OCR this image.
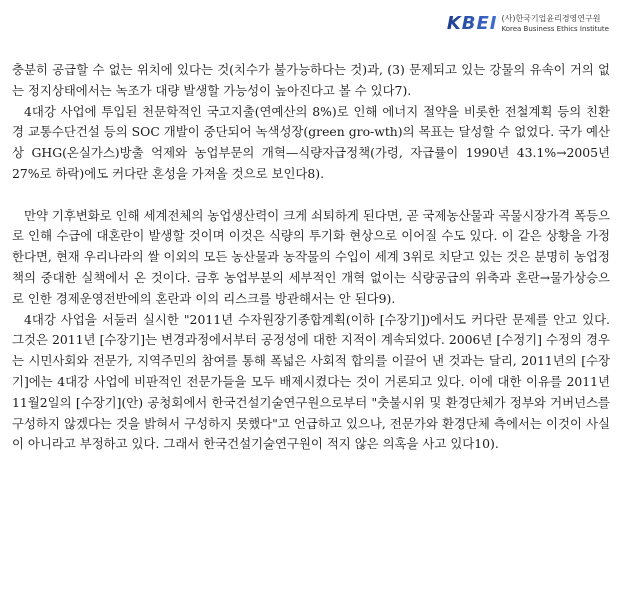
KBEI (사)한국기업윤리경영연구원
Korea Business Ethics Institute

충분히 공급할 수 없는 위치에 있다는 것(치수가 불가능하다는 것)과, (3) 문제되고 있는 강물의 유속이 거의 없는 정지상태에서는 녹조가 대량 발생할 가능성이 높아진다고 볼 수 있다7).

4대강 사업에 투입된 천문학적인 국고지출(연예산의 8%)로 인해 에너지 절약을 비롯한 전철계획 등의 친환경 교통수단건설 등의 SOC 개발이 중단되어 녹색성장(green gro-wth)의 목표는 달성할 수 없었다. 국가 예산상 GHG(온실가스)방출 억제와 농업부문의 개혁—식량자급정책(가령, 자급률이 1990년 43.1%→2005년 27%로 하락)에도 커다란 혼성을 가져올 것으로 보인다8).

만약 기후변화로 인해 세계전체의 농업생산력이 크게 쇠퇴하게 된다면, 곧 국제농산물과 곡물시장가격 폭등으로 인해 수급에 대혼란이 발생할 것이며 이것은 식량의 투기화 현상으로 이어질 수도 있다. 이 같은 상황을 가정한다면, 현재 우리나라의 쌀 이외의 모든 농산물과 농작물의 수입이 세계 3위로 치닫고 있는 것은 분명히 농업정책의 중대한 실책에서 온 것이다. 금후 농업부분의 세부적인 개혁 없이는 식량공급의 위축과 혼란→물가상승으로 인한 경제운영전반에의 혼란과 이의 리스크를 방관해서는 안 된다9).

4대강 사업을 서둘러 실시한 "2011년 수자원장기종합계획(이하 [수장기])에서도 커다란 문제를 안고 있다. 그것은 2011년 [수장기]는 변경과정에서부터 공정성에 대한 지적이 계속되었다. 2006년 [수정기] 수정의 경우는 시민사회와 전문가, 지역주민의 참여를 통해 폭넓은 사회적 합의를 이끌어 낸 것과는 달리, 2011년의 [수장기]에는 4대강 사업에 비판적인 전문가들을 모두 배제시켰다는 것이 거론되고 있다. 이에 대한 이유를 2011년11월2일의 [수장기](안) 공청회에서 한국건설기술연구원으로부터 "춧불시위 및 환경단체가 정부와 거버넌스를 구성하지 않겠다는 것을 밝혀서 구성하지 못했다"고 언급하고 있으나, 전문가와 환경단체 측에서는 이것이 사실이 아니라고 부정하고 있다. 그래서 한국건설기술연구원이 적지 않은 의혹을 사고 있다10).
